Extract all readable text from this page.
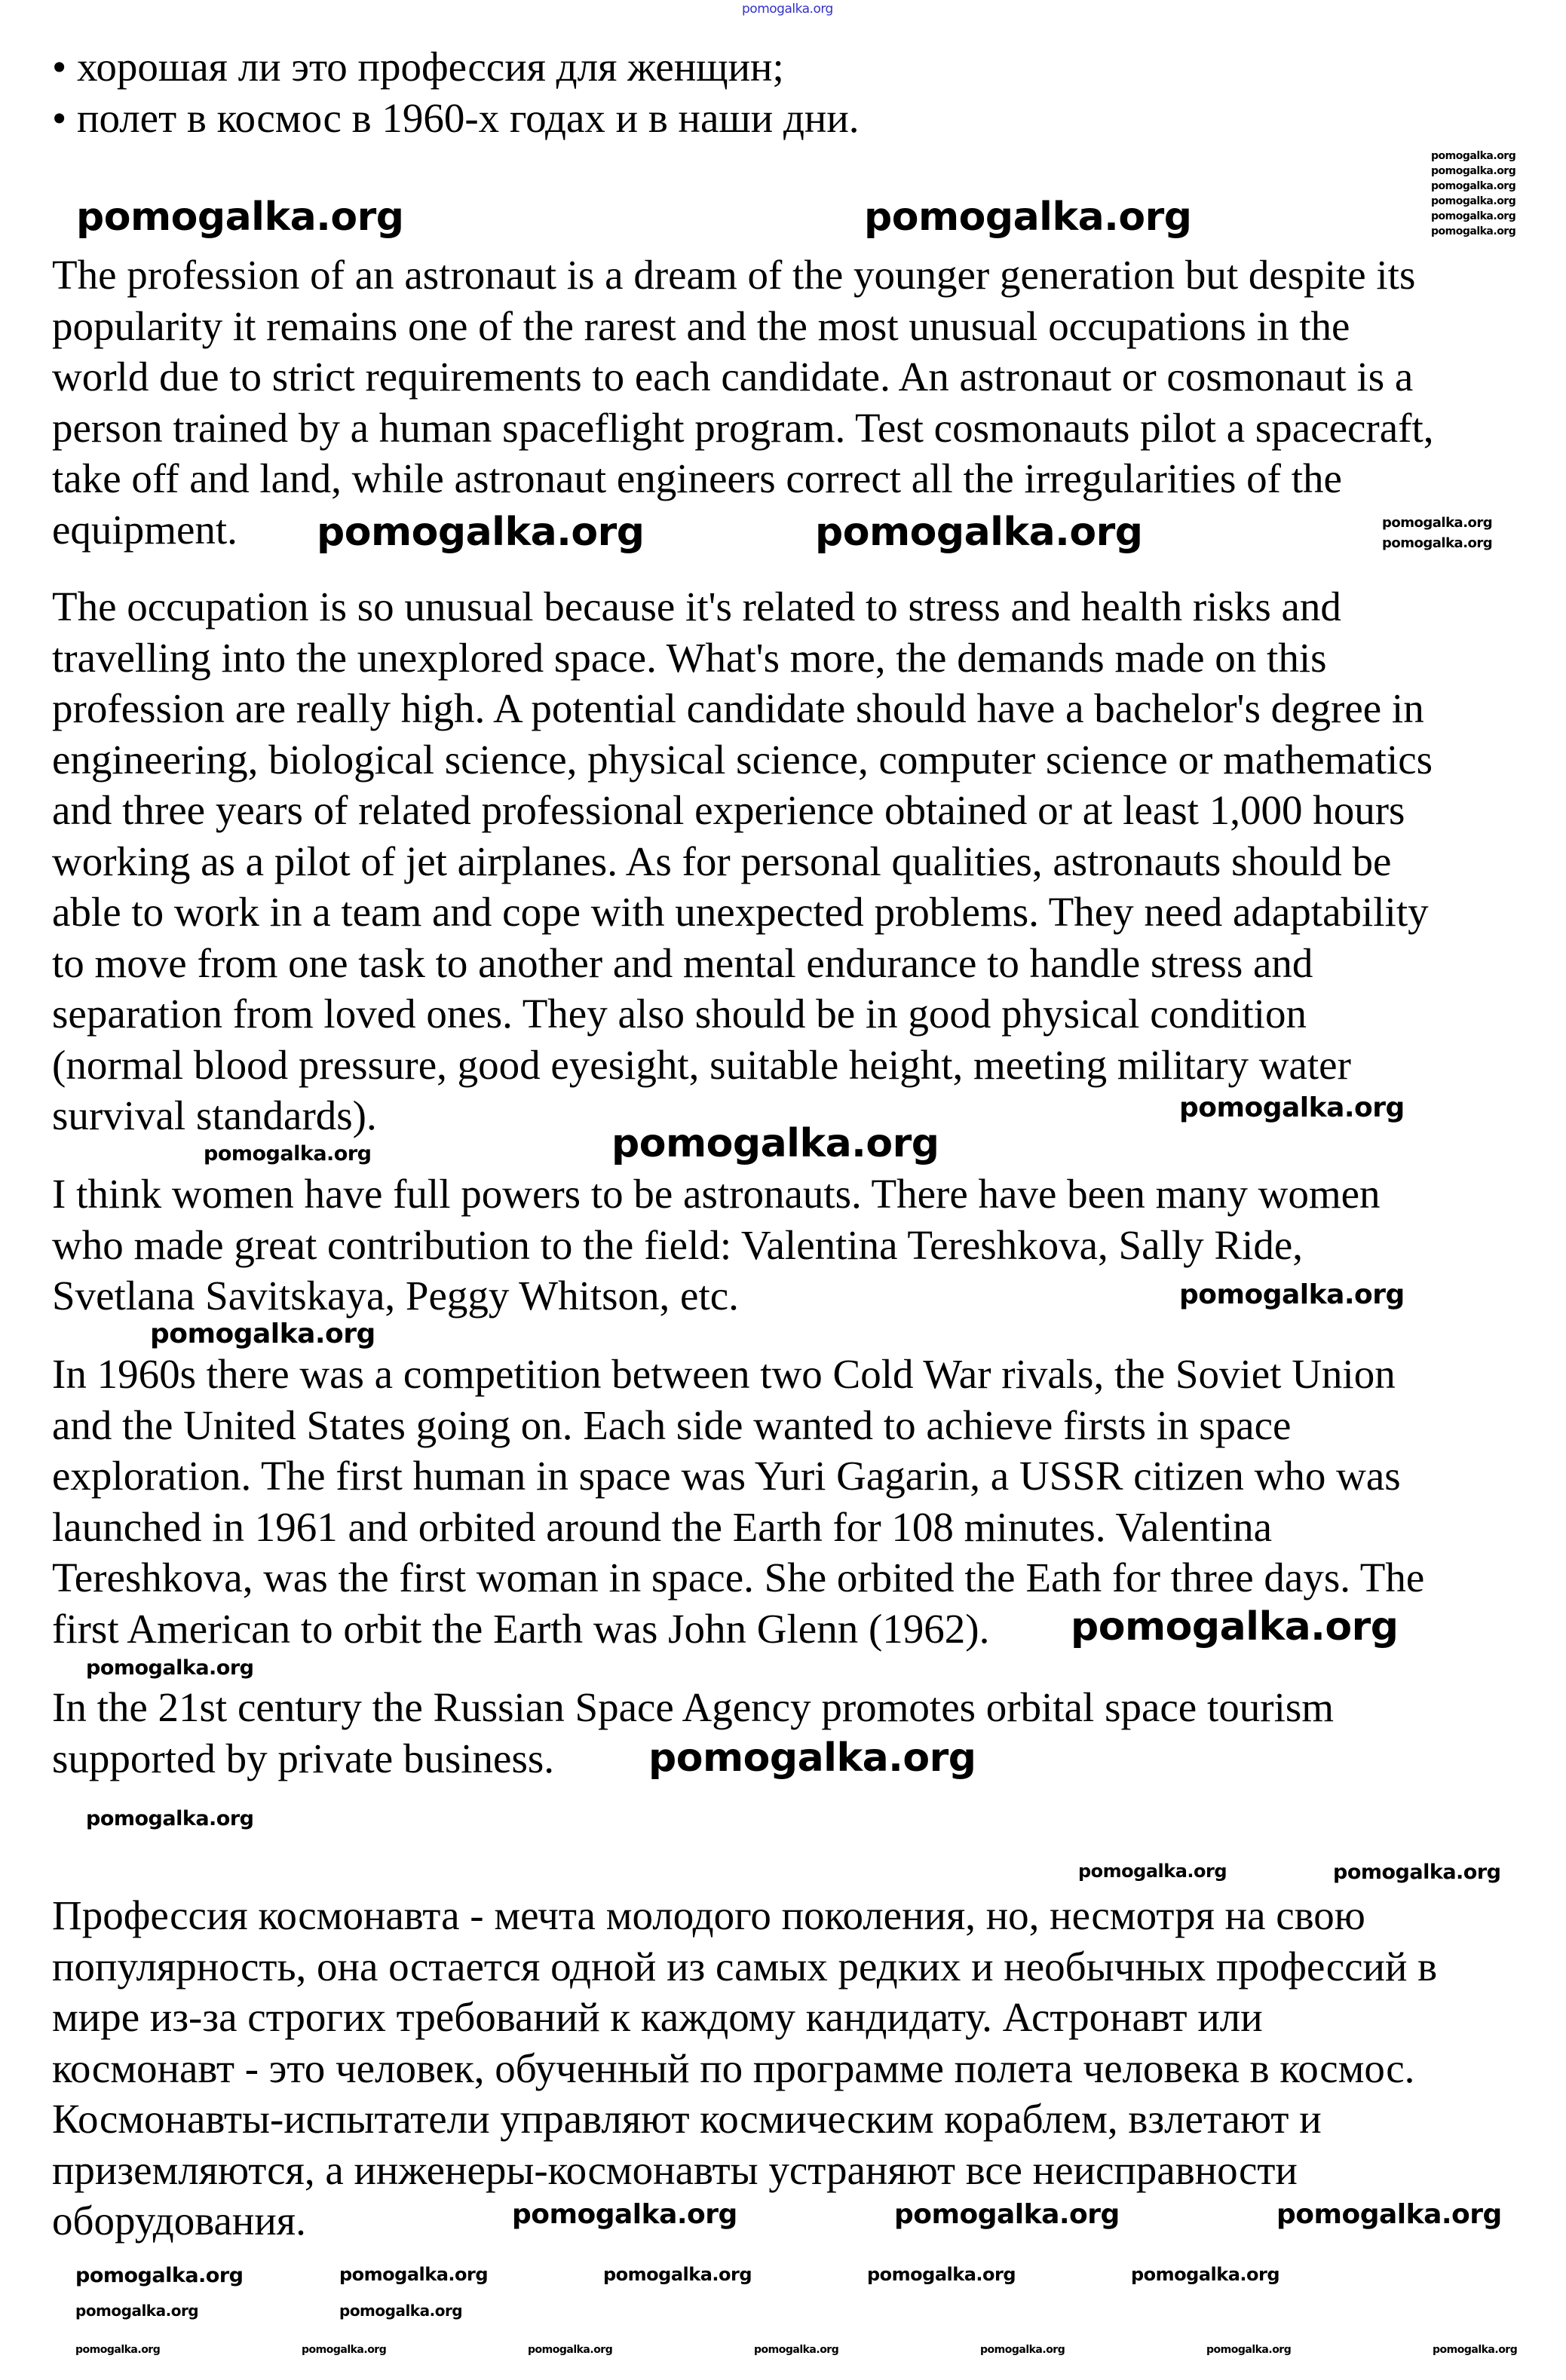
• хорошая ли это профессия для женщин;
• полет в космос в 1960-х годах и в наши дни.
The profession of an astronaut is a dream of the younger generation but despite its
popularity it remains one of the rarest and the most unusual occupations in the
world due to strict requirements to each candidate. An astronaut or cosmonaut is a
person trained by a human spaceflight program. Test cosmonauts pilot a spacecraft,
take off and land, while astronaut engineers correct all the irregularities of the
equipment.
The occupation is so unusual because it's related to stress and health risks and
travelling into the unexplored space. What's more, the demands made on this
profession are really high. A potential candidate should have a bachelor's degree in
engineering, biological science, physical science, computer science or mathematics
and three years of related professional experience obtained or at least 1,000 hours
working as a pilot of jet airplanes. As for personal qualities, astronauts should be
able to work in a team and cope with unexpected problems. They need adaptability
to move from one task to another and mental endurance to handle stress and
separation from loved ones. They also should be in good physical condition
(normal blood pressure, good eyesight, suitable height, meeting military water
survival standards).
I think women have full powers to be astronauts. There have been many women
who made great contribution to the field: Valentina Tereshkova, Sally Ride,
Svetlana Savitskaya, Peggy Whitson, etc.
In 1960s there was a competition between two Cold War rivals, the Soviet Union
and the United States going on. Each side wanted to achieve firsts in space
exploration. The first human in space was Yuri Gagarin, a USSR citizen who was
launched in 1961 and orbited around the Earth for 108 minutes. Valentina
Tereshkova, was the first woman in space. She orbited the Eath for three days. The
first American to orbit the Earth was John Glenn (1962).
In the 21st century the Russian Space Agency promotes orbital space tourism
supported by private business.
Профессия космонавта - мечта молодого поколения, но, несмотря на свою
популярность, она остается одной из самых редких и необычных профессий в
мире из-за строгих требований к каждому кандидату. Астронавт или
космонавт - это человек, обученный по программе полета человека в космос.
Космонавты-испытатели управляют космическим кораблем, взлетают и
приземляются, а инженеры-космонавты устраняют все неисправности
оборудования.
pomogalka.org
pomogalka.org	pomogalka.org
pomogalka.org
pomogalka.org
pomogalka.org
pomogalka.org
pomogalka.org
pomogalka.org
pomogalka.org	pomogalka.org	pomogalka.org
pomogalka.org
pomogalka.org
pomogalka.org
pomogalka.org
pomogalka.org
pomogalka.org
pomogalka.org
pomogalka.org
pomogalka.org
pomogalka.org
pomogalka.org
pomogalka.org
pomogalka.org	pomogalka.org	pomogalka.org
pomogalka.org	pomogalka.org	pomogalka.org	pomogalka.org	pomogalka.org
pomogalka.org	pomogalka.org
pomogalka.org	pomogalka.org	pomogalka.org	pomogalka.org	pomogalka.org	pomogalka.org	pomogalka.org
